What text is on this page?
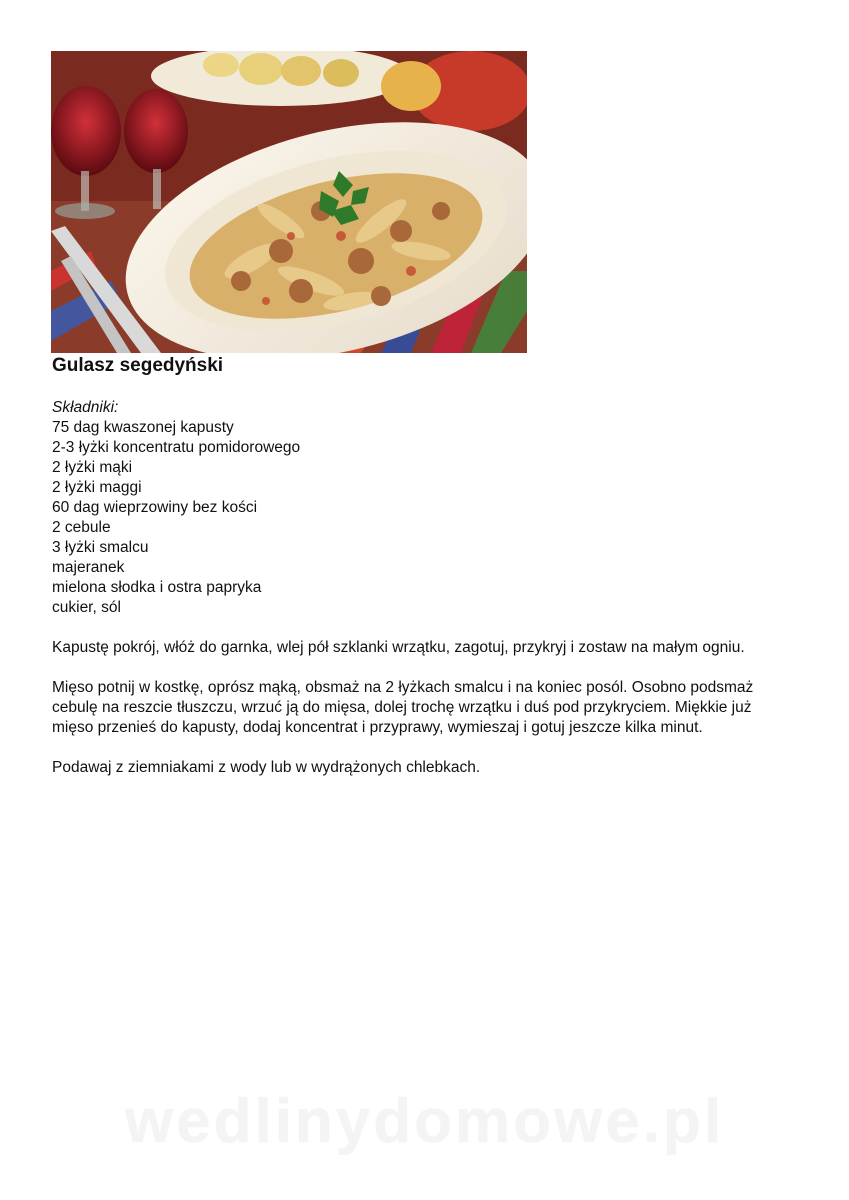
Gulasz segedyński
Składniki:
75 dag kwaszonej kapusty
2-3 łyżki koncentratu pomidorowego
2 łyżki mąki
2 łyżki maggi
60 dag wieprzowiny bez kości
2 cebule
3 łyżki smalcu
majeranek
mielona słodka i ostra papryka
cukier, sól

Kapustę pokrój, włóż do garnka, wlej pół szklanki wrzątku, zagotuj, przykryj i zostaw na małym ogniu.

Mięso potnij w kostkę, oprósz mąką, obsmaż na 2 łyżkach smalcu i na koniec posól. Osobno podsmaż cebulę na reszcie tłuszczu, wrzuć ją do mięsa, dolej trochę wrzątku i duś pod przykryciem. Miękkie już mięso przenieś do kapusty, dodaj koncentrat i przyprawy, wymieszaj i gotuj jeszcze kilka minut.

Podawaj z ziemniakami z wody lub w wydrążonych chlebkach.

wedlinydomowe.pl
